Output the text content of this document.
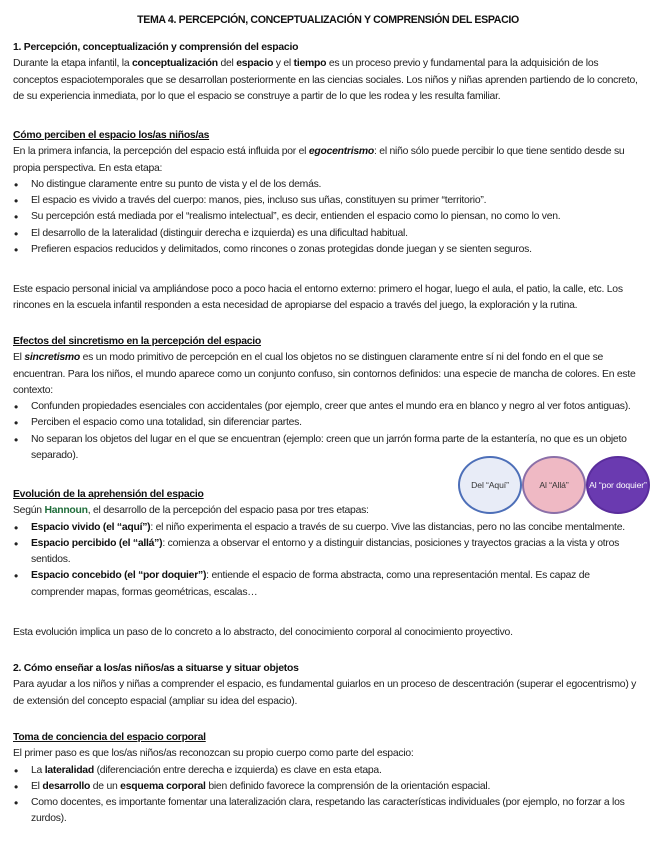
TEMA 4. PERCEPCIÓN, CONCEPTUALIZACIÓN Y COMPRENSIÓN DEL ESPACIO

1. Percepción, conceptualización y comprensión del espacio

Durante la etapa infantil, la conceptualización del espacio y el tiempo es un proceso previo y fundamental para la adquisición de los conceptos espaciotemporales que se desarrollan posteriormente en las ciencias sociales. Los niños y niñas aprenden partiendo de lo concreto, de su experiencia inmediata, por lo que el espacio se construye a partir de lo que les rodea y les resulta familiar.

Cómo perciben el espacio los/as niños/as

En la primera infancia, la percepción del espacio está influida por el egocentrismo: el niño sólo puede percibir lo que tiene sentido desde su propia perspectiva. En esta etapa:

• No distingue claramente entre su punto de vista y el de los demás.
• El espacio es vivido a través del cuerpo: manos, pies, incluso sus uñas, constituyen su primer “territorio”.
• Su percepción está mediada por el “realismo intelectual”, es decir, entienden el espacio como lo piensan, no como lo ven.
• El desarrollo de la lateralidad (distinguir derecha e izquierda) es una dificultad habitual.
• Prefieren espacios reducidos y delimitados, como rincones o zonas protegidas donde juegan y se sienten seguros.

Este espacio personal inicial va ampliándose poco a poco hacia el entorno externo: primero el hogar, luego el aula, el patio, la calle, etc. Los rincones en la escuela infantil responden a esta necesidad de apropiarse del espacio a través del juego, la exploración y la rutina.

Efectos del sincretismo en la percepción del espacio

El sincretismo es un modo primitivo de percepción en el cual los objetos no se distinguen claramente entre sí ni del fondo en el que se encuentran. Para los niños, el mundo aparece como un conjunto confuso, sin contornos definidos: una especie de mancha de colores. En este contexto:

• Confunden propiedades esenciales con accidentales (por ejemplo, creer que antes el mundo era en blanco y negro al ver fotos antiguas).
• Perciben el espacio como una totalidad, sin diferenciar partes.
• No separan los objetos del lugar en el que se encuentran (ejemplo: creen que un jarrón forma parte de la estantería, no que es un objeto separado).
Del “Aquí”	Al “Allá”	Al “por doquier”

Evolución de la aprehensión del espacio

Según Hannoun, el desarrollo de la percepción del espacio pasa por tres etapas:

• Espacio vivido (el “aquí”): el niño experimenta el espacio a través de su cuerpo. Vive las distancias, pero no las concibe mentalmente.
• Espacio percibido (el “allá”): comienza a observar el entorno y a distinguir distancias, posiciones y trayectos gracias a la vista y otros sentidos.
• Espacio concebido (el “por doquier”): entiende el espacio de forma abstracta, como una representación mental. Es capaz de comprender mapas, formas geométricas, escalas…

Esta evolución implica un paso de lo concreto a lo abstracto, del conocimiento corporal al conocimiento proyectivo.

2. Cómo enseñar a los/as niños/as a situarse y situar objetos

Para ayudar a los niños y niñas a comprender el espacio, es fundamental guiarlos en un proceso de descentración (superar el egocentrismo) y de extensión del concepto espacial (ampliar su idea del espacio).

Toma de conciencia del espacio corporal

El primer paso es que los/as niños/as reconozcan su propio cuerpo como parte del espacio:

• La lateralidad (diferenciación entre derecha e izquierda) es clave en esta etapa.
• El desarrollo de un esquema corporal bien definido favorece la comprensión de la orientación espacial.
• Como docentes, es importante fomentar una lateralización clara, respetando las características individuales (por ejemplo, no forzar a los zurdos).
